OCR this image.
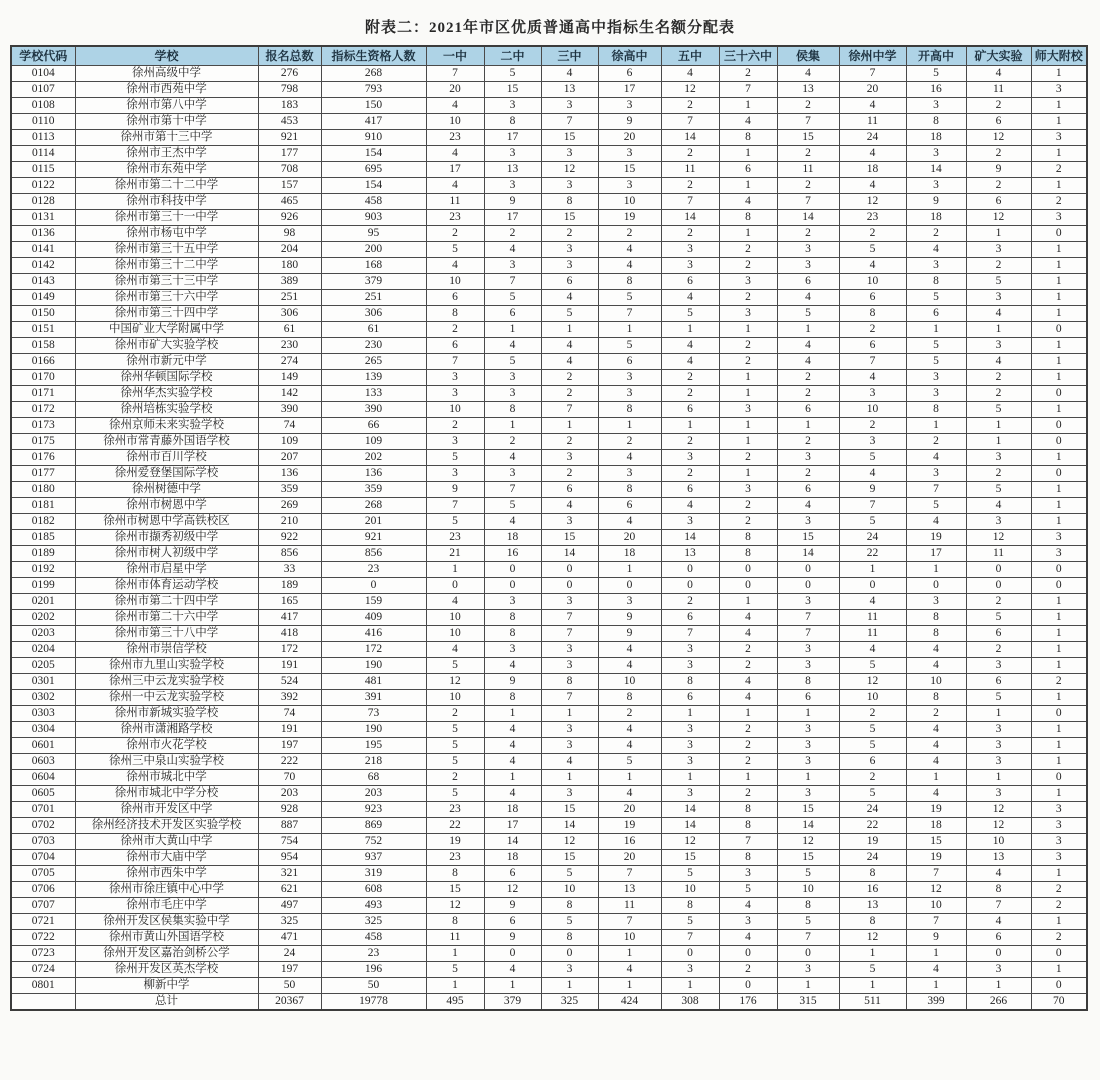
附表二：2021年市区优质普通高中指标生名额分配表
学校代码	学校	报名总数	指标生资格人数	一中	二中	三中	徐高中	五中	三十六中	侯集	徐州中学	开高中	矿大实验	师大附校
0104	徐州高级中学	276	268	7	5	4	6	4	2	4	7	5	4	1
0107	徐州市西苑中学	798	793	20	15	13	17	12	7	13	20	16	11	3
0108	徐州市第八中学	183	150	4	3	3	3	2	1	2	4	3	2	1
0110	徐州市第十中学	453	417	10	8	7	9	7	4	7	11	8	6	1
0113	徐州市第十三中学	921	910	23	17	15	20	14	8	15	24	18	12	3
0114	徐州市王杰中学	177	154	4	3	3	3	2	1	2	4	3	2	1
0115	徐州市东苑中学	708	695	17	13	12	15	11	6	11	18	14	9	2
0122	徐州市第二十二中学	157	154	4	3	3	3	2	1	2	4	3	2	1
0128	徐州市科技中学	465	458	11	9	8	10	7	4	7	12	9	6	2
0131	徐州市第三十一中学	926	903	23	17	15	19	14	8	14	23	18	12	3
0136	徐州市杨屯中学	98	95	2	2	2	2	2	1	2	2	2	1	0
0141	徐州市第三十五中学	204	200	5	4	3	4	3	2	3	5	4	3	1
0142	徐州市第三十二中学	180	168	4	3	3	4	3	2	3	4	3	2	1
0143	徐州市第三十三中学	389	379	10	7	6	8	6	3	6	10	8	5	1
0149	徐州市第三十六中学	251	251	6	5	4	5	4	2	4	6	5	3	1
0150	徐州市第三十四中学	306	306	8	6	5	7	5	3	5	8	6	4	1
0151	中国矿业大学附属中学	61	61	2	1	1	1	1	1	1	2	1	1	0
0158	徐州市矿大实验学校	230	230	6	4	4	5	4	2	4	6	5	3	1
0166	徐州市新元中学	274	265	7	5	4	6	4	2	4	7	5	4	1
0170	徐州华顿国际学校	149	139	3	3	2	3	2	1	2	4	3	2	1
0171	徐州华杰实验学校	142	133	3	3	2	3	2	1	2	3	3	2	0
0172	徐州培栋实验学校	390	390	10	8	7	8	6	3	6	10	8	5	1
0173	徐州京师未来实验学校	74	66	2	1	1	1	1	1	1	2	1	1	0
0175	徐州市常青藤外国语学校	109	109	3	2	2	2	2	1	2	3	2	1	0
0176	徐州市百川学校	207	202	5	4	3	4	3	2	3	5	4	3	1
0177	徐州爱登堡国际学校	136	136	3	3	2	3	2	1	2	4	3	2	0
0180	徐州树德中学	359	359	9	7	6	8	6	3	6	9	7	5	1
0181	徐州市树恩中学	269	268	7	5	4	6	4	2	4	7	5	4	1
0182	徐州市树恩中学高铁校区	210	201	5	4	3	4	3	2	3	5	4	3	1
0185	徐州市撷秀初级中学	922	921	23	18	15	20	14	8	15	24	19	12	3
0189	徐州市树人初级中学	856	856	21	16	14	18	13	8	14	22	17	11	3
0192	徐州市启星中学	33	23	1	0	0	1	0	0	0	1	1	0	0
0199	徐州市体育运动学校	189	0	0	0	0	0	0	0	0	0	0	0	0
0201	徐州市第二十四中学	165	159	4	3	3	3	2	1	3	4	3	2	1
0202	徐州市第二十六中学	417	409	10	8	7	9	6	4	7	11	8	5	1
0203	徐州市第三十八中学	418	416	10	8	7	9	7	4	7	11	8	6	1
0204	徐州市崇信学校	172	172	4	3	3	4	3	2	3	4	4	2	1
0205	徐州市九里山实验学校	191	190	5	4	3	4	3	2	3	5	4	3	1
0301	徐州三中云龙实验学校	524	481	12	9	8	10	8	4	8	12	10	6	2
0302	徐州一中云龙实验学校	392	391	10	8	7	8	6	4	6	10	8	5	1
0303	徐州市新城实验学校	74	73	2	1	1	2	1	1	1	2	2	1	0
0304	徐州市潇湘路学校	191	190	5	4	3	4	3	2	3	5	4	3	1
0601	徐州市火花学校	197	195	5	4	3	4	3	2	3	5	4	3	1
0603	徐州三中泉山实验学校	222	218	5	4	4	5	3	2	3	6	4	3	1
0604	徐州市城北中学	70	68	2	1	1	1	1	1	1	2	1	1	0
0605	徐州市城北中学分校	203	203	5	4	3	4	3	2	3	5	4	3	1
0701	徐州市开发区中学	928	923	23	18	15	20	14	8	15	24	19	12	3
0702	徐州经济技术开发区实验学校	887	869	22	17	14	19	14	8	14	22	18	12	3
0703	徐州市大黄山中学	754	752	19	14	12	16	12	7	12	19	15	10	3
0704	徐州市大庙中学	954	937	23	18	15	20	15	8	15	24	19	13	3
0705	徐州市西朱中学	321	319	8	6	5	7	5	3	5	8	7	4	1
0706	徐州市徐庄镇中心中学	621	608	15	12	10	13	10	5	10	16	12	8	2
0707	徐州市毛庄中学	497	493	12	9	8	11	8	4	8	13	10	7	2
0721	徐州开发区侯集实验中学	325	325	8	6	5	7	5	3	5	8	7	4	1
0722	徐州市黄山外国语学校	471	458	11	9	8	10	7	4	7	12	9	6	2
0723	徐州开发区嘉治剑桥公学	24	23	1	0	0	1	0	0	0	1	1	0	0
0724	徐州开发区英杰学校	197	196	5	4	3	4	3	2	3	5	4	3	1
0801	柳新中学	50	50	1	1	1	1	1	0	1	1	1	1	0
	总计	20367	19778	495	379	325	424	308	176	315	511	399	266	70
